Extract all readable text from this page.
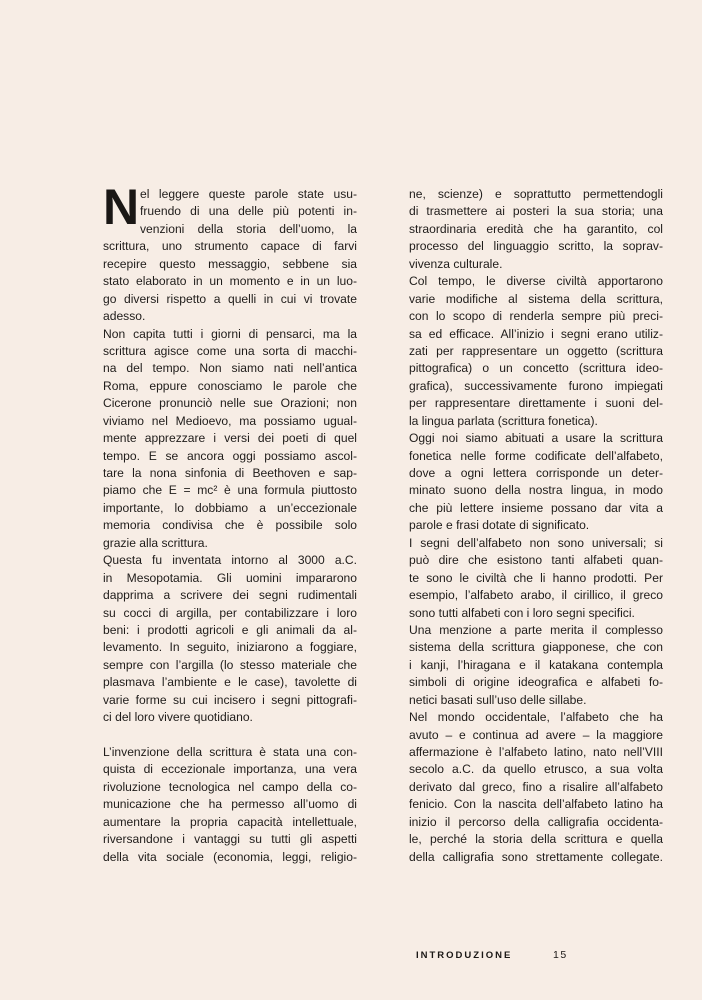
N el leggere queste parole state usu-
fruendo di una delle più potenti in-
venzioni della storia dell’uomo, la
scrittura, uno strumento capace di farvi
recepire questo messaggio, sebbene sia
stato elaborato in un momento e in un luo-
go diversi rispetto a quelli in cui vi trovate
adesso.
Non capita tutti i giorni di pensarci, ma la
scrittura agisce come una sorta di macchi-
na del tempo. Non siamo nati nell’antica
Roma, eppure conosciamo le parole che
Cicerone pronunciò nelle sue Orazioni; non
viviamo nel Medioevo, ma possiamo ugual-
mente apprezzare i versi dei poeti di quel
tempo. E se ancora oggi possiamo ascol-
tare la nona sinfonia di Beethoven e sap-
piamo che E = mc² è una formula piuttosto
importante, lo dobbiamo a un’eccezionale
memoria condivisa che è possibile solo
grazie alla scrittura.
Questa fu inventata intorno al 3000 a.C.
in Mesopotamia. Gli uomini impararono
dapprima a scrivere dei segni rudimentali
su cocci di argilla, per contabilizzare i loro
beni: i prodotti agricoli e gli animali da al-
levamento. In seguito, iniziarono a foggiare,
sempre con l’argilla (lo stesso materiale che
plasmava l’ambiente e le case), tavolette di
varie forme su cui incisero i segni pittografi-
ci del loro vivere quotidiano.
L’invenzione della scrittura è stata una con-
quista di eccezionale importanza, una vera
rivoluzione tecnologica nel campo della co-
municazione che ha permesso all’uomo di
aumentare la propria capacità intellettuale,
riversandone i vantaggi su tutti gli aspetti
della vita sociale (economia, leggi, religio-
ne, scienze) e soprattutto permettendogli
di trasmettere ai posteri la sua storia; una
straordinaria eredità che ha garantito, col
processo del linguaggio scritto, la soprav-
vivenza culturale.
Col tempo, le diverse civiltà apportarono
varie modifiche al sistema della scrittura,
con lo scopo di renderla sempre più preci-
sa ed efficace. All’inizio i segni erano utiliz-
zati per rappresentare un oggetto (scrittura
pittografica) o un concetto (scrittura ideo-
grafica), successivamente furono impiegati
per rappresentare direttamente i suoni del-
la lingua parlata (scrittura fonetica).
Oggi noi siamo abituati a usare la scrittura
fonetica nelle forme codificate dell’alfabeto,
dove a ogni lettera corrisponde un deter-
minato suono della nostra lingua, in modo
che più lettere insieme possano dar vita a
parole e frasi dotate di significato.
I segni dell’alfabeto non sono universali; si
può dire che esistono tanti alfabeti quan-
te sono le civiltà che li hanno prodotti. Per
esempio, l’alfabeto arabo, il cirillico, il greco
sono tutti alfabeti con i loro segni specifici.
Una menzione a parte merita il complesso
sistema della scrittura giapponese, che con
i kanji, l’hiragana e il katakana contempla
simboli di origine ideografica e alfabeti fo-
netici basati sull’uso delle sillabe.
Nel mondo occidentale, l’alfabeto che ha
avuto – e continua ad avere – la maggiore
affermazione è l’alfabeto latino, nato nell’VIII
secolo a.C. da quello etrusco, a sua volta
derivato dal greco, fino a risalire all’alfabeto
fenicio. Con la nascita dell’alfabeto latino ha
inizio il percorso della calligrafia occidenta-
le, perché la storia della scrittura e quella
della calligrafia sono strettamente collegate.
INTRODUZIONE	15
